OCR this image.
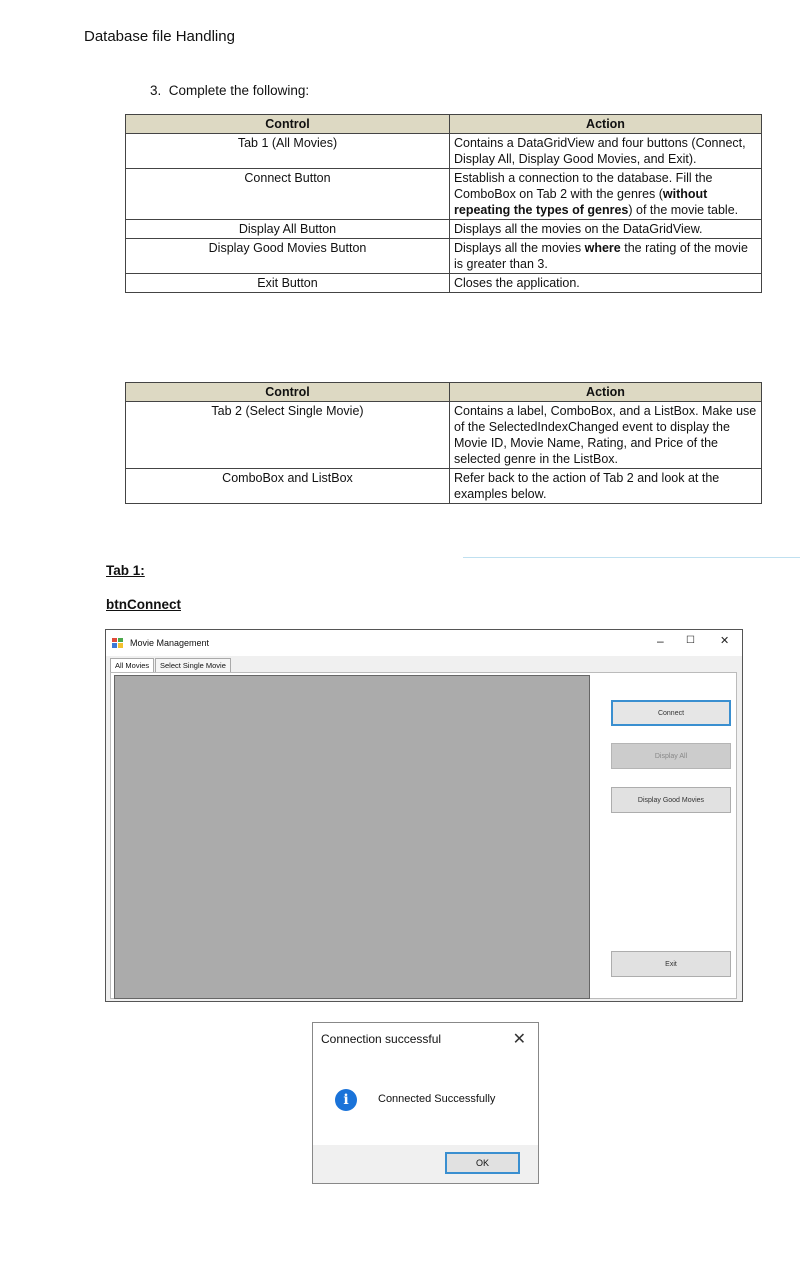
Database file Handling
3.  Complete the following:
Control	Action
Tab 1 (All Movies)	Contains a DataGridView and four buttons (Connect, Display All, Display Good Movies, and Exit).
Connect Button	Establish a connection to the database. Fill the ComboBox on Tab 2 with the genres (without repeating the types of genres) of the movie table.
Display All Button	Displays all the movies on the DataGridView.
Display Good Movies Button	Displays all the movies where the rating of the movie is greater than 3.
Exit Button	Closes the application.
Control	Action
Tab 2 (Select Single Movie)	Contains a label, ComboBox, and a ListBox. Make use of the SelectedIndexChanged event to display the Movie ID, Movie Name, Rating, and Price of the selected genre in the ListBox.
ComboBox and ListBox	Refer back to the action of Tab 2 and look at the examples below.
Tab 1:
btnConnect
Movie Management	– ☐ ✕
All Movies	Select Single Movie
Connect
Display All
Display Good Movies
Exit
Connection successful	✕
i	Connected Successfully
OK
